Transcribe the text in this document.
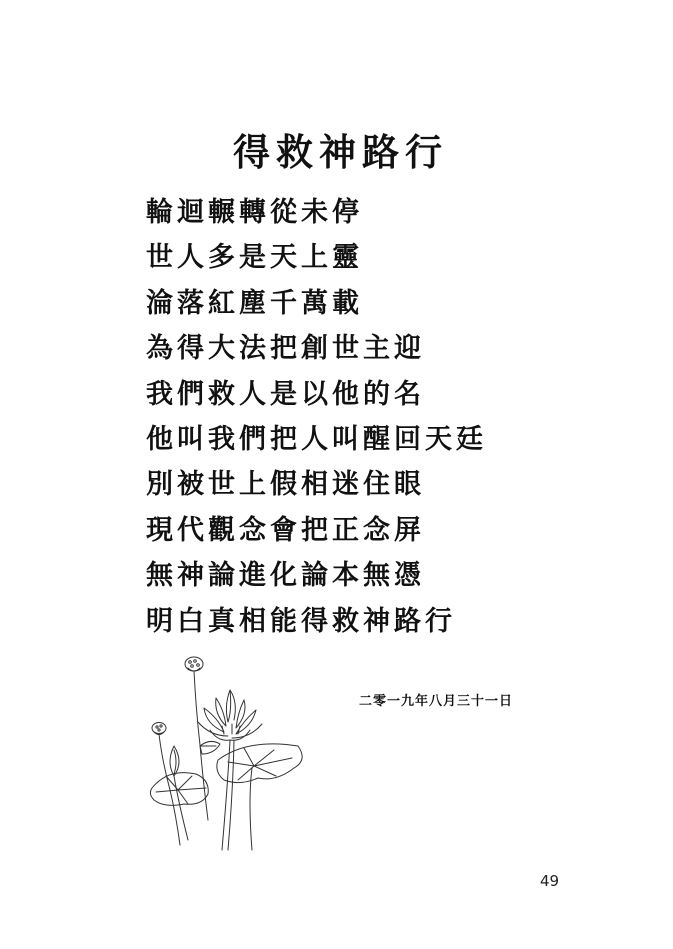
得救神路行
輪迴輾轉從未停
世人多是天上靈
淪落紅塵千萬載
為得大法把創世主迎
我們救人是以他的名
他叫我們把人叫醒回天廷
別被世上假相迷住眼
現代觀念會把正念屏
無神論進化論本無憑
明白真相能得救神路行
二零一九年八月三十一日
49
